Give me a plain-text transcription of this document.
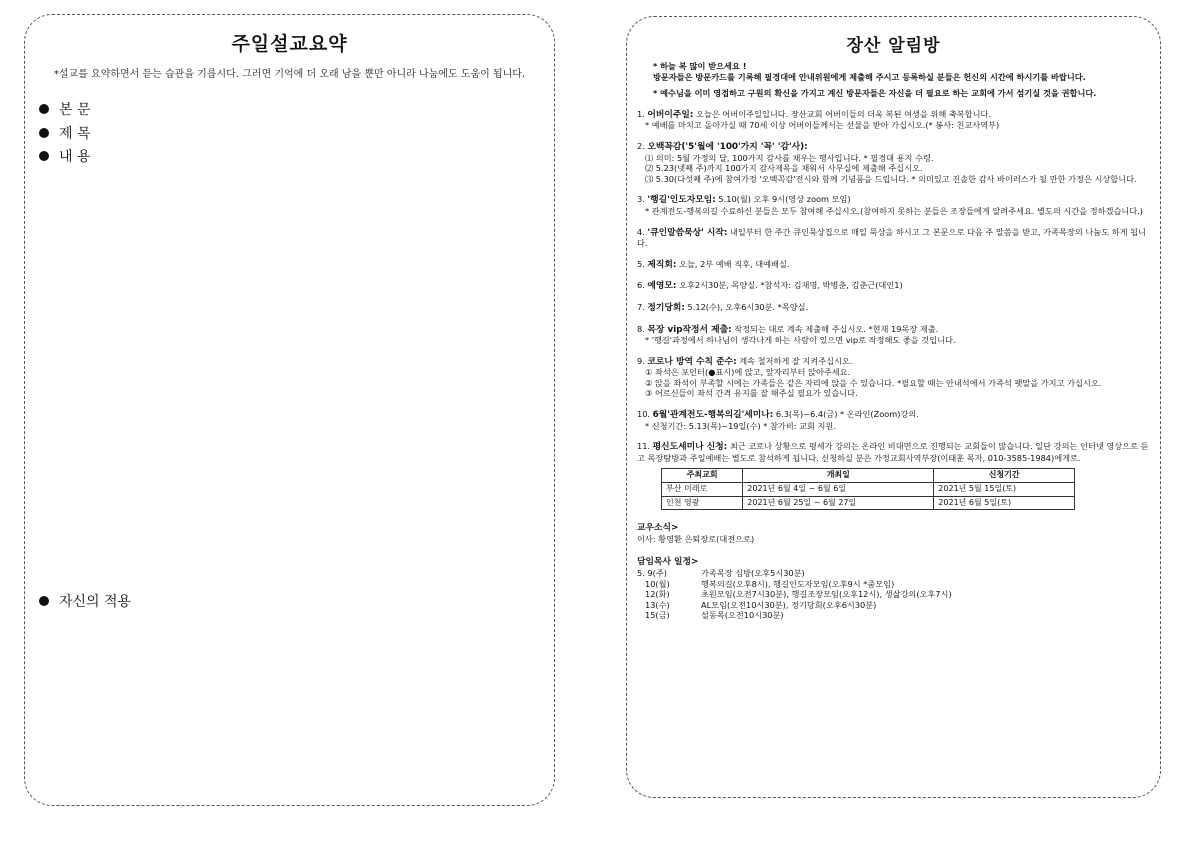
주일설교요약
*설교를 요약하면서 듣는 습관을 기릅시다. 그러면 기억에 더 오래 남을 뿐만 아니라 나눔에도 도움이 됩니다.
본 문
제 목
내 용
자신의 적용
장산 알림방

* 하늘 복 많이 받으세요 !

방문자들은 방문카드를 기록해 필경대에 안내위원에게 제출해 주시고 등록하실 분들은 헌신의 시간에 하시기를 바랍니다.

* 예수님을 이미 영접하고 구원의 확신을 가지고 계신 방문자들은 자신을 더 필요로 하는 교회에 가서 섬기실 것을 권합니다.

1. 어버이주일: 오늘은 어버이주일입니다. 장산교회 어버이들의 더욱 복된 여생을 위해 축복합니다.

* 예배를 마치고 돌아가실 때 70세 이상 어버이들께서는 선물을 받아 가십시오.(* 봉사: 친교사역부)

2. 오백꼭감('5'월에 '100'가지 '꼭' '감'사):

⑴ 의미: 5월 가정의 달, 100가지 감사를 채우는 행사입니다. * 필경대 용지 수령.

⑵ 5.23(넷째 주)까지 100가지 감사제목을 채워서 사무실에 제출해 주십시오.

⑶ 5.30(다섯째 주)에 참여가정 '오백꼭감'전시와 함께 기념품을 드립니다. * 의미있고 진솔한 감사 바이러스가 될 만한 가정은 시상합니다.

3. '행길'인도자모임: 5.10(월) 오후 9시(영상 zoom 모임)

* 관계전도-행복의길 수료하신 분들은 모두 참여해 주십시오.(참여하지 못하는 분들은 조장들에게 알려주세요. 별도의 시간을 정하겠습니다.)

4. '큐인말씀묵상' 시작: 내일부터 한 주간 큐인묵상집으로 매일 묵상을 하시고 그 본문으로 다음 주 말씀을 받고, 가족목장의 나눔도 하게 됩니다.

5. 제직회: 오늘, 2부 예배 직후, 대예배실.

6. 예영모: 오후2시30분, 목양실. *참석자: 김재명, 박병춘, 김춘근(대인1)

7. 정기당회: 5.12(수), 오후6시30분. *목양실.

8. 목장 vip작정서 제출: 작정되는 대로 계속 제출해 주십시오. *현재 19목장 제출.

* '행길'과정에서 하나님이 생각나게 하는 사람이 있으면 vip로 작정해도 좋을 것입니다.

9. 코로나 방역 수칙 준수: 계속 철저하게 잘 지켜주십시오.

① 좌석은 포인터(●표시)에 앉고, 앞자리부터 앉아주세요.

② 앉을 좌석이 부족할 시에는 가족들은 같은 자리에 앉을 수 있습니다. *필요할 때는 안내석에서 가족석 팻말을 가지고 가십시오.

③ 어르신들이 좌석 간격 유지를 잘 해주실 필요가 있습니다.

10. 6월'관계전도-행복의길'세미나: 6.3(목)~6.4(금) * 온라인(Zoom)강의.

* 신청기간: 5.13(목)~19일(수) * 참가비: 교회 지원.

11. 평신도세미나 신청: 최근 코로나 상황으로 평세가 강의는 온라인 비대면으로 진행되는 교회들이 많습니다. 일단 강의는 인터넷 영상으로 듣고 목장탐방과 주일예배는 별도로 참석하게 됩니다. 신청하실 분은 가정교회사역부장(이태훈 목자, 010-3585-1984)에게로.

주최교회	개최일	신청기간
부산 미래로	2021년 6월 4일 ~ 6월 6일	2021년 5월 15일(토)
인천 영광	2021년 6월 25일 ~ 6월 27일	2021년 6월 5일(토)

교우소식>

이사: 황영환 은퇴장로(대전으로)

담임목사 일정>

5. 9(주)	가족목장 심방(오후5시30분)
10(월)	행복의길(오후8시), 행길인도자모임(오후9시 *줌모임)
12(화)	초원모임(오전7시30분), 행길조장모임(오후12시), 생삶강의(오후7시)
13(수)	AL모임(오전10시30분), 정기당회(오후6시30분)
15(금)	설동목(오전10시30분)
